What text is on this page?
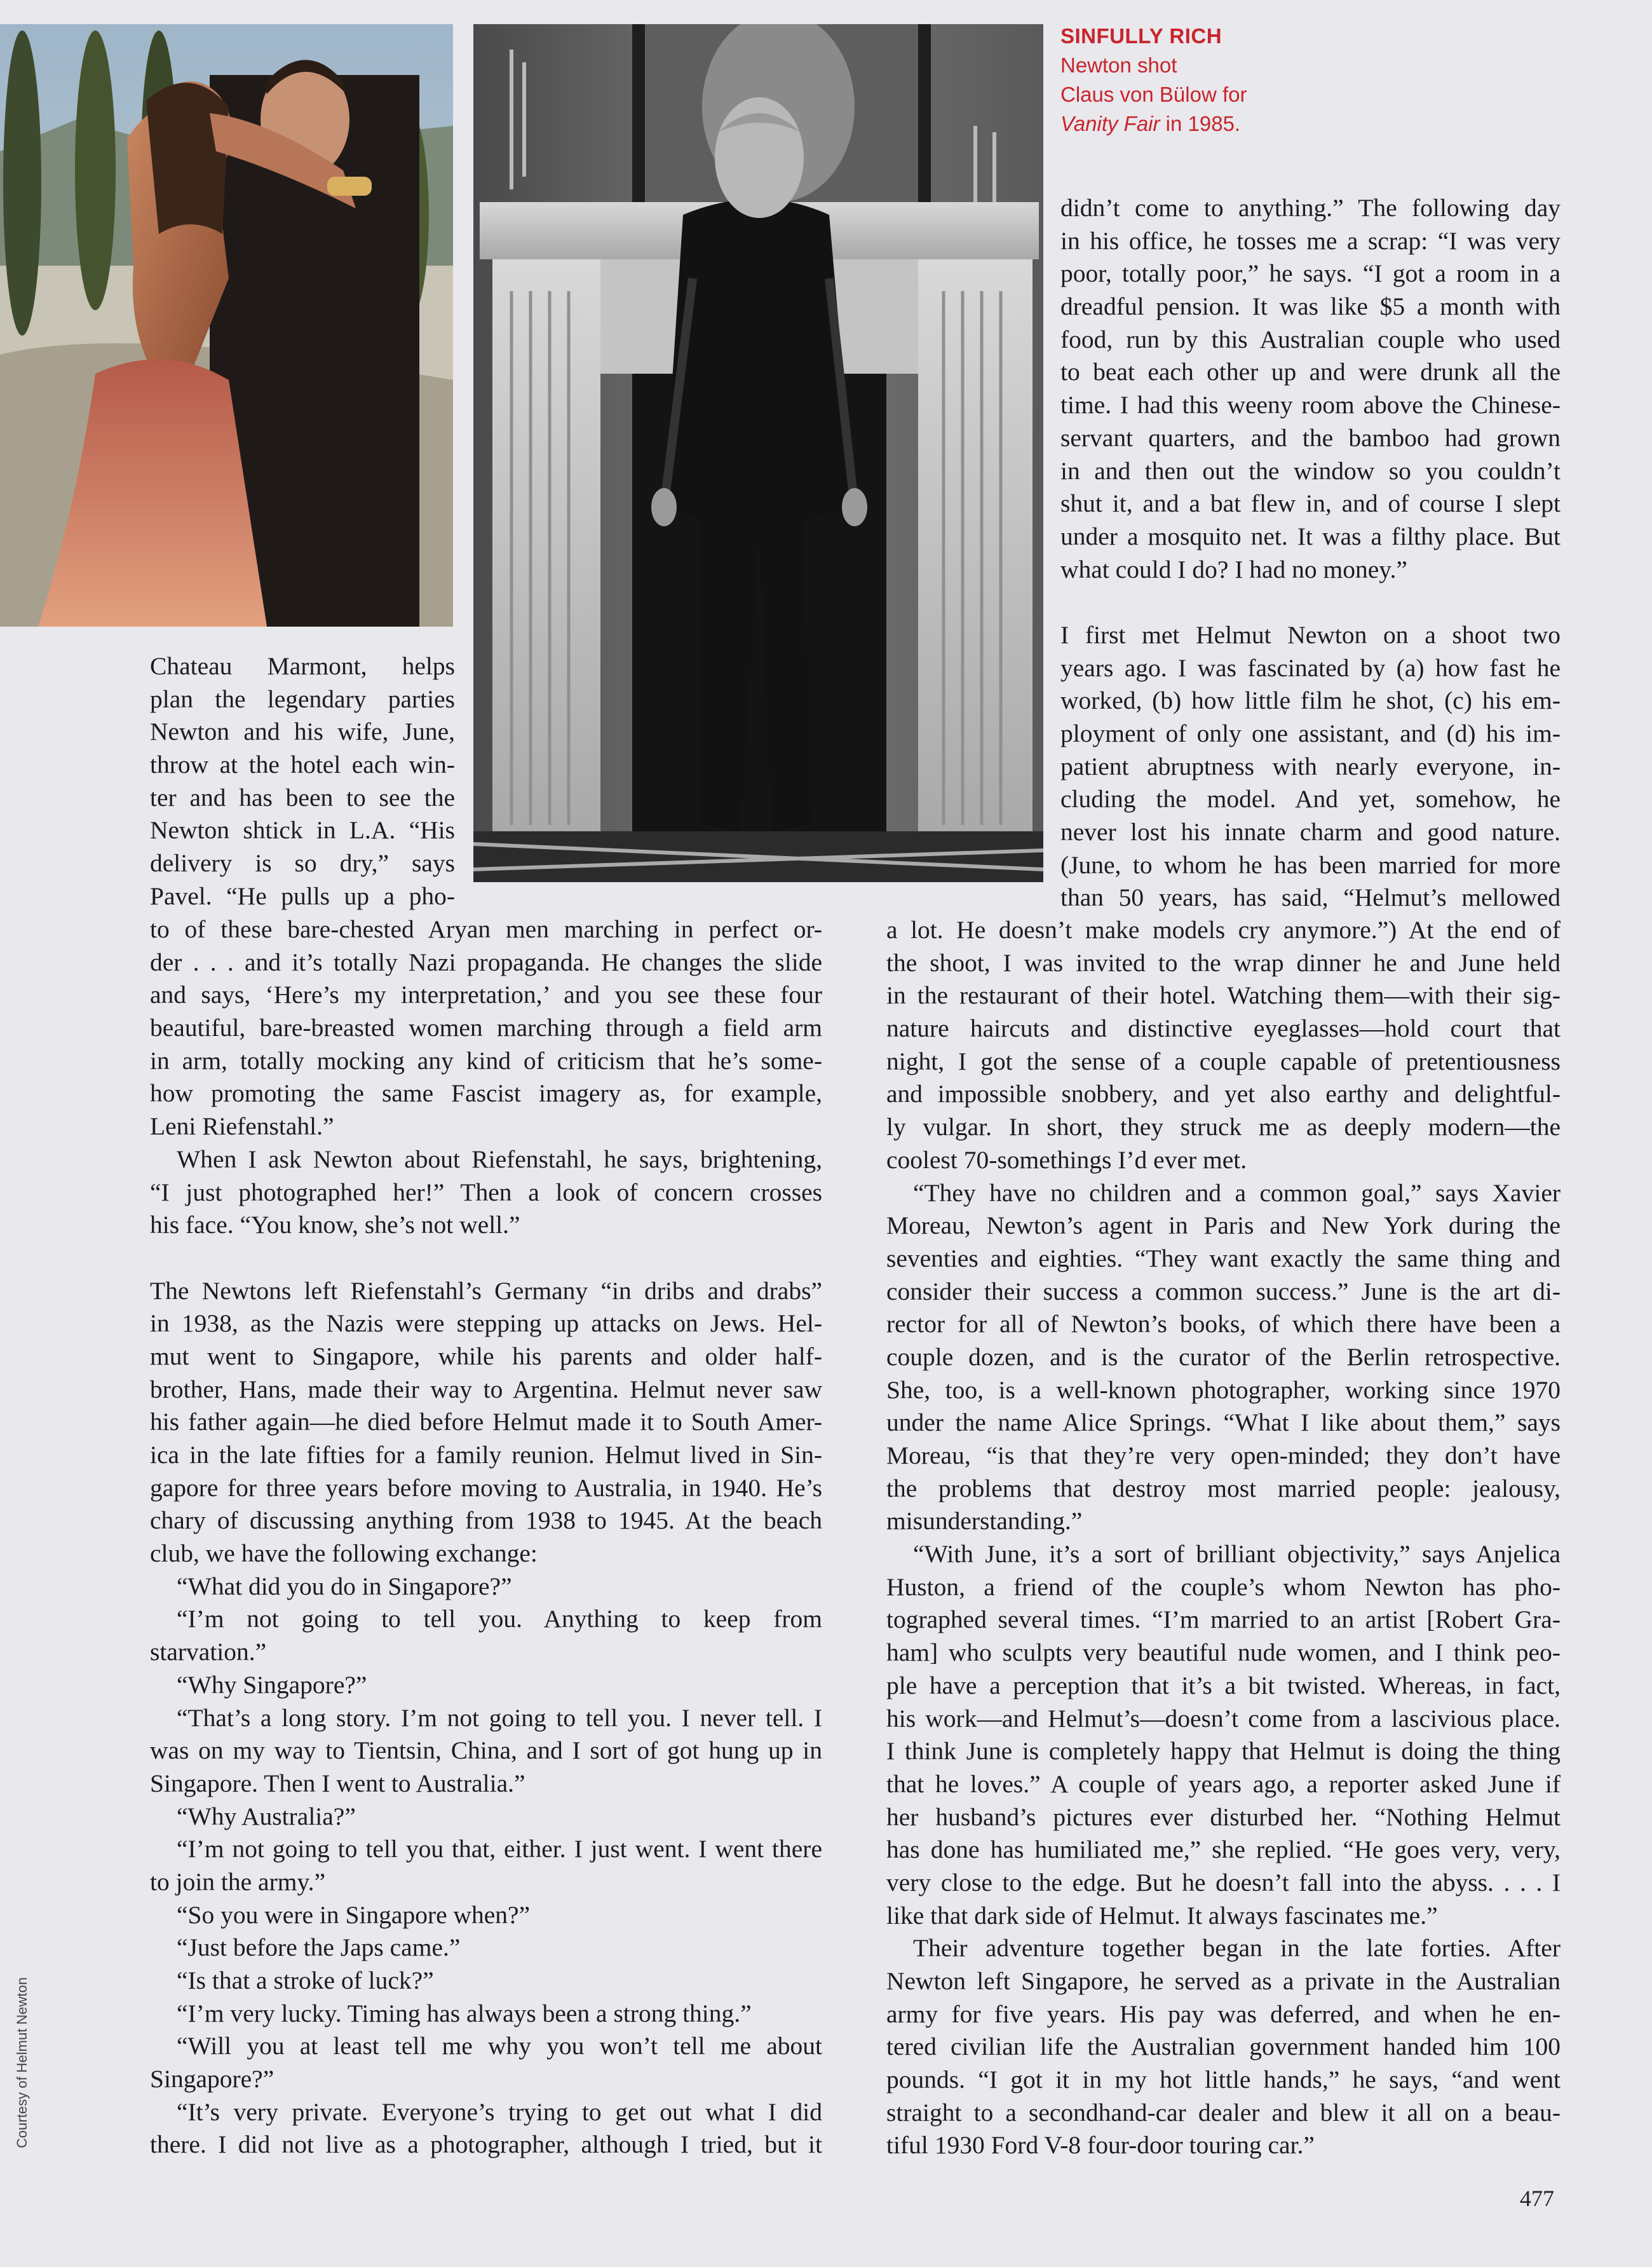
SINFULLY RICH
Newton shot
Claus von Bülow for
Vanity Fair in 1985.
Chateau Marmont, helps
plan the legendary parties
Newton and his wife, June,
throw at the hotel each win-
ter and has been to see the
Newton shtick in L.A. “His
delivery is so dry,” says
Pavel. “He pulls up a pho-
to of these bare-chested Aryan men marching in perfect or-
der . . . and it’s totally Nazi propaganda. He changes the slide
and says, ‘Here’s my interpretation,’ and you see these four
beautiful, bare-breasted women marching through a field arm
in arm, totally mocking any kind of criticism that he’s some-
how promoting the same Fascist imagery as, for example,
Leni Riefenstahl.”
When I ask Newton about Riefenstahl, he says, brightening,
“I just photographed her!” Then a look of concern crosses
his face. “You know, she’s not well.”
The Newtons left Riefenstahl’s Germany “in dribs and drabs”
in 1938, as the Nazis were stepping up attacks on Jews. Hel-
mut went to Singapore, while his parents and older half-
brother, Hans, made their way to Argentina. Helmut never saw
his father again—he died before Helmut made it to South Amer-
ica in the late fifties for a family reunion. Helmut lived in Sin-
gapore for three years before moving to Australia, in 1940. He’s
chary of discussing anything from 1938 to 1945. At the beach
club, we have the following exchange:
“What did you do in Singapore?”
“I’m not going to tell you. Anything to keep from
starvation.”
“Why Singapore?”
“That’s a long story. I’m not going to tell you. I never tell. I
was on my way to Tientsin, China, and I sort of got hung up in
Singapore. Then I went to Australia.”
“Why Australia?”
“I’m not going to tell you that, either. I just went. I went there
to join the army.”
“So you were in Singapore when?”
“Just before the Japs came.”
“Is that a stroke of luck?”
“I’m very lucky. Timing has always been a strong thing.”
“Will you at least tell me why you won’t tell me about
Singapore?”
“It’s very private. Everyone’s trying to get out what I did
there. I did not live as a photographer, although I tried, but it
didn’t come to anything.” The following day
in his office, he tosses me a scrap: “I was very
poor, totally poor,” he says. “I got a room in a
dreadful pension. It was like $5 a month with
food, run by this Australian couple who used
to beat each other up and were drunk all the
time. I had this weeny room above the Chinese-
servant quarters, and the bamboo had grown
in and then out the window so you couldn’t
shut it, and a bat flew in, and of course I slept
under a mosquito net. It was a filthy place. But
what could I do? I had no money.”
I first met Helmut Newton on a shoot two
years ago. I was fascinated by (a) how fast he
worked, (b) how little film he shot, (c) his em-
ployment of only one assistant, and (d) his im-
patient abruptness with nearly everyone, in-
cluding the model. And yet, somehow, he
never lost his innate charm and good nature.
(June, to whom he has been married for more
than 50 years, has said, “Helmut’s mellowed
a lot. He doesn’t make models cry anymore.”) At the end of
the shoot, I was invited to the wrap dinner he and June held
in the restaurant of their hotel. Watching them—with their sig-
nature haircuts and distinctive eyeglasses—hold court that
night, I got the sense of a couple capable of pretentiousness
and impossible snobbery, and yet also earthy and delightful-
ly vulgar. In short, they struck me as deeply modern—the
coolest 70-somethings I’d ever met.
“They have no children and a common goal,” says Xavier
Moreau, Newton’s agent in Paris and New York during the
seventies and eighties. “They want exactly the same thing and
consider their success a common success.” June is the art di-
rector for all of Newton’s books, of which there have been a
couple dozen, and is the curator of the Berlin retrospective.
She, too, is a well-known photographer, working since 1970
under the name Alice Springs. “What I like about them,” says
Moreau, “is that they’re very open-minded; they don’t have
the problems that destroy most married people: jealousy,
misunderstanding.”
“With June, it’s a sort of brilliant objectivity,” says Anjelica
Huston, a friend of the couple’s whom Newton has pho-
tographed several times. “I’m married to an artist [Robert Gra-
ham] who sculpts very beautiful nude women, and I think peo-
ple have a perception that it’s a bit twisted. Whereas, in fact,
his work—and Helmut’s—doesn’t come from a lascivious place.
I think June is completely happy that Helmut is doing the thing
that he loves.” A couple of years ago, a reporter asked June if
her husband’s pictures ever disturbed her. “Nothing Helmut
has done has humiliated me,” she replied. “He goes very, very,
very close to the edge. But he doesn’t fall into the abyss. . . . I
like that dark side of Helmut. It always fascinates me.”
Their adventure together began in the late forties. After
Newton left Singapore, he served as a private in the Australian
army for five years. His pay was deferred, and when he en-
tered civilian life the Australian government handed him 100
pounds. “I got it in my hot little hands,” he says, “and went
straight to a secondhand-car dealer and blew it all on a beau-
tiful 1930 Ford V-8 four-door touring car.”
Courtesy of Helmut Newton
477
